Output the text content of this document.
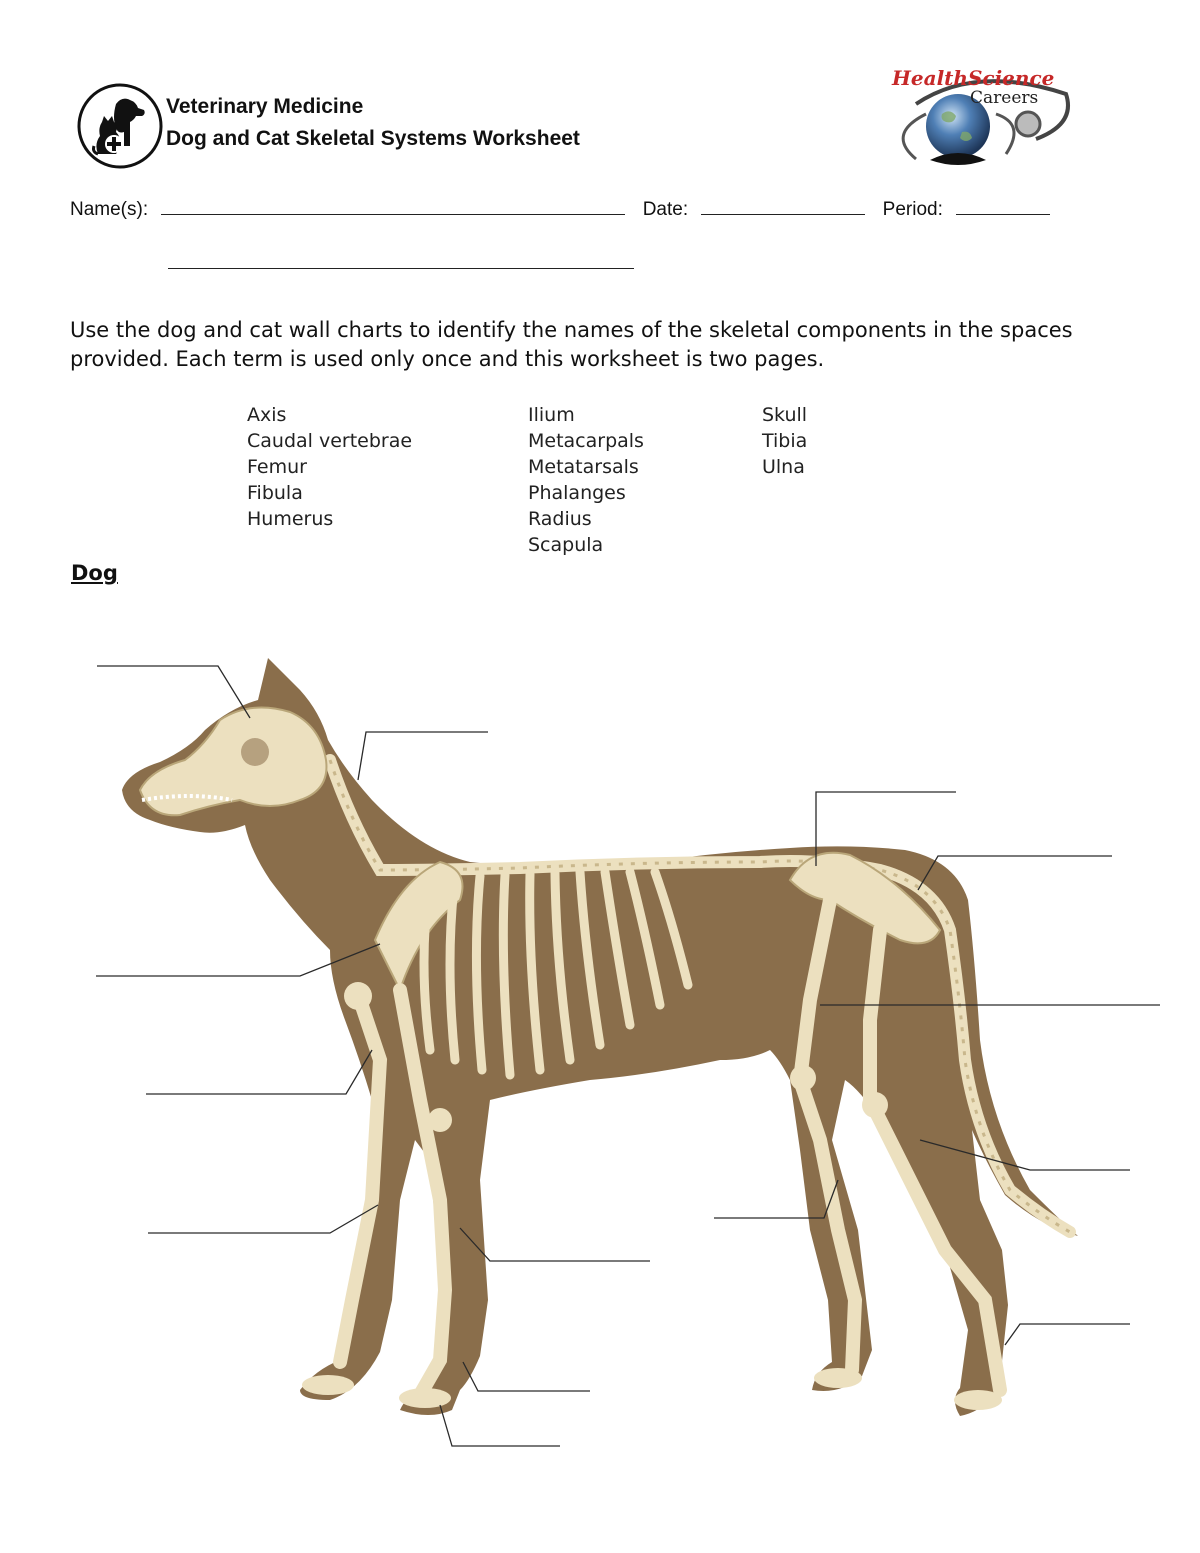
Veterinary Medicine
Dog and Cat Skeletal Systems Worksheet
HealthScience
Careers
Name(s):	Date:	Period:
Use the dog and cat wall charts to identify the names of the skeletal components in the spaces provided. Each term is used only once and this worksheet is two pages.
Axis
Caudal vertebrae
Femur
Fibula
Humerus
Ilium
Metacarpals
Metatarsals
Phalanges
Radius
Scapula
Skull
Tibia
Ulna
Dog
